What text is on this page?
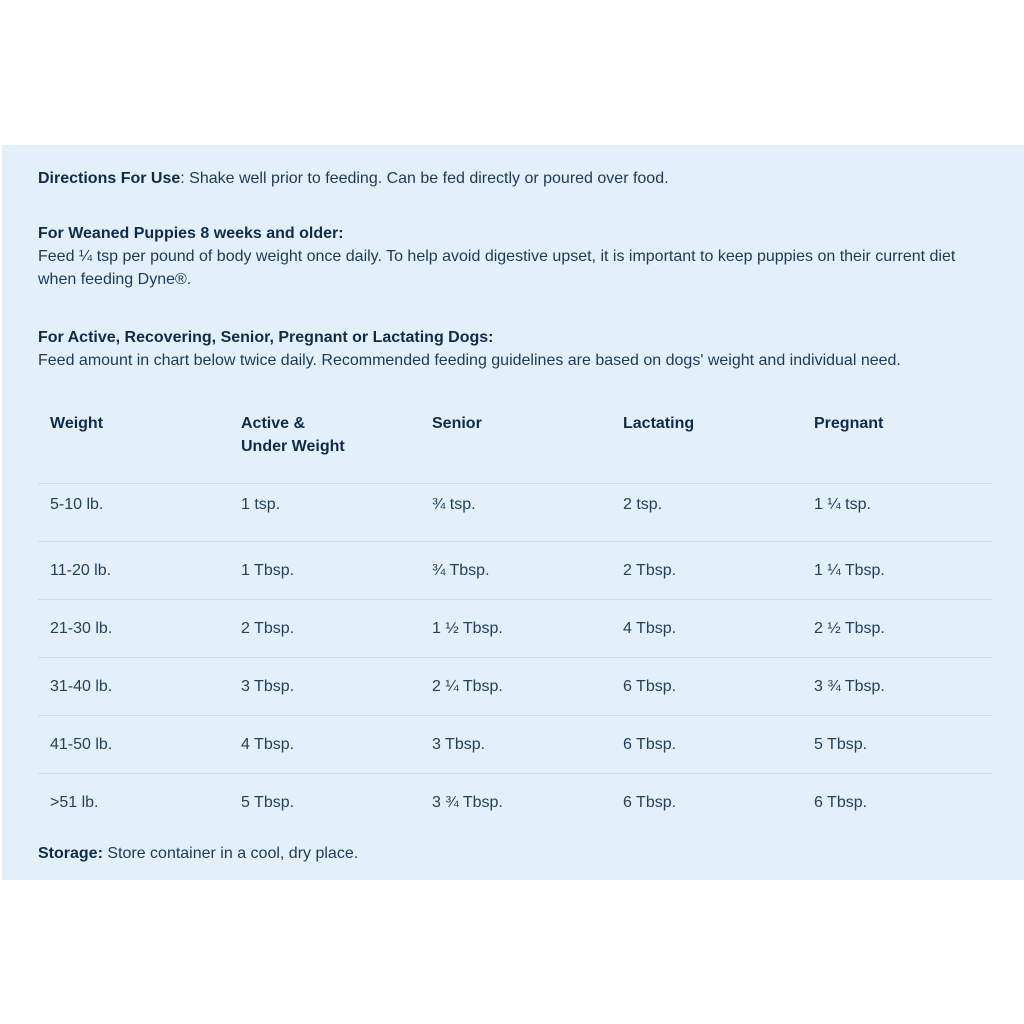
Directions For Use: Shake well prior to feeding. Can be fed directly or poured over food.
For Weaned Puppies 8 weeks and older:
Feed ¼ tsp per pound of body weight once daily. To help avoid digestive upset, it is important to keep puppies on their current diet when feeding Dyne®.
For Active, Recovering, Senior, Pregnant or Lactating Dogs:
Feed amount in chart below twice daily. Recommended feeding guidelines are based on dogs' weight and individual need.
Weight	Active & Under Weight	Senior	Lactating	Pregnant
5-10 lb.	1 tsp.	¾ tsp.	2 tsp.	1 ¼ tsp.
11-20 lb.	1 Tbsp.	¾ Tbsp.	2 Tbsp.	1 ¼ Tbsp.
21-30 lb.	2 Tbsp.	1 ½ Tbsp.	4 Tbsp.	2 ½ Tbsp.
31-40 lb.	3 Tbsp.	2 ¼ Tbsp.	6 Tbsp.	3 ¾ Tbsp.
41-50 lb.	4 Tbsp.	3 Tbsp.	6 Tbsp.	5 Tbsp.
>51 lb.	5 Tbsp.	3 ¾ Tbsp.	6 Tbsp.	6 Tbsp.
Storage: Store container in a cool, dry place.
